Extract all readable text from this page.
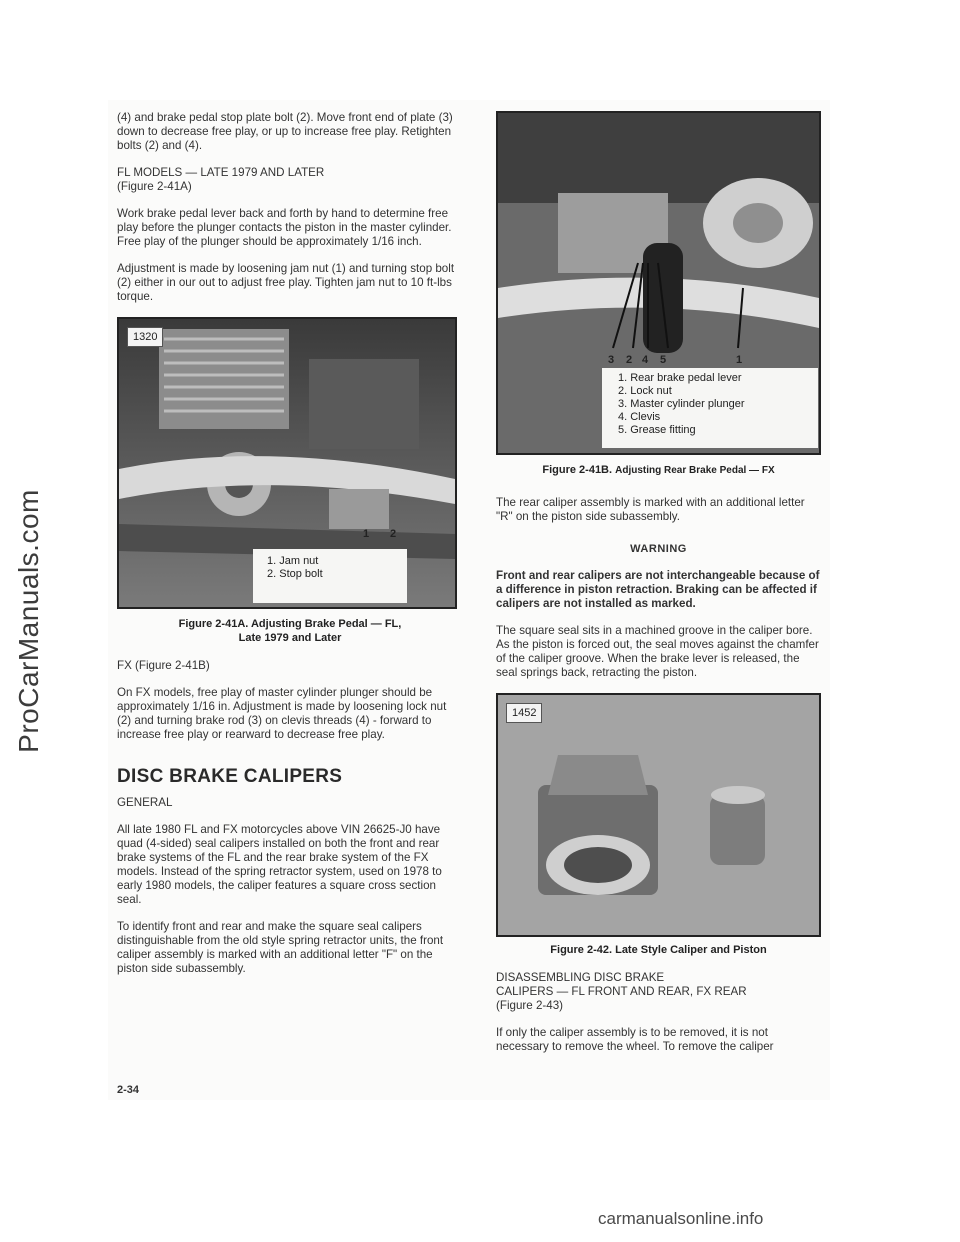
ProCarManuals.com

(4) and brake pedal stop plate bolt (2). Move front end of plate (3) down to decrease free play, or up to increase free play. Retighten bolts (2) and (4).

FL MODELS — LATE 1979 AND LATER

(Figure 2-41A)

Work brake pedal lever back and forth by hand to determine free play before the plunger contacts the piston in the master cylinder. Free play of the plunger should be approximately 1/16 inch.

Adjustment is made by loosening jam nut (1) and turning stop bolt (2) either in our out to adjust free play. Tighten jam nut to 10 ft-lbs torque.

1320
1 2
1. Jam nut
2. Stop bolt
Figure 2-41A. Adjusting Brake Pedal — FL,
Late 1979 and Later

FX (Figure 2-41B)

On FX models, free play of master cylinder plunger should be approximately 1/16 in. Adjustment is made by loosening lock nut (2) and turning brake rod (3) on clevis threads (4) - forward to increase free play or rearward to decrease free play.

DISC BRAKE CALIPERS

GENERAL

All late 1980 FL and FX motorcycles above VIN 26625-J0 have quad (4-sided) seal calipers installed on both the front and rear brake systems of the FL and the rear brake system of the FX models. Instead of the spring retractor system, used on 1978 to early 1980 models, the caliper features a square cross section seal.

To identify front and rear and make the square seal calipers distinguishable from the old style spring retractor units, the front caliper assembly is marked with an additional letter "F" on the piston side subassembly.

3 2 4 5	1
1. Rear brake pedal lever
2. Lock nut
3. Master cylinder plunger
4. Clevis
5. Grease fitting
Figure 2-41B. Adjusting Rear Brake Pedal — FX

The rear caliper assembly is marked with an additional letter "R" on the piston side subassembly.

WARNING

Front and rear calipers are not interchangeable because of a difference in piston retraction. Braking can be affected if calipers are not installed as marked.

The square seal sits in a machined groove in the caliper bore. As the piston is forced out, the seal moves against the chamfer of the caliper groove. When the brake lever is released, the seal springs back, retracting the piston.

1452
Figure 2-42. Late Style Caliper and Piston
DISASSEMBLING DISC BRAKE
CALIPERS — FL FRONT AND REAR, FX REAR

(Figure 2-43)

If only the caliper assembly is to be removed, it is not necessary to remove the wheel. To remove the caliper

2-34
carmanualsonline.info
